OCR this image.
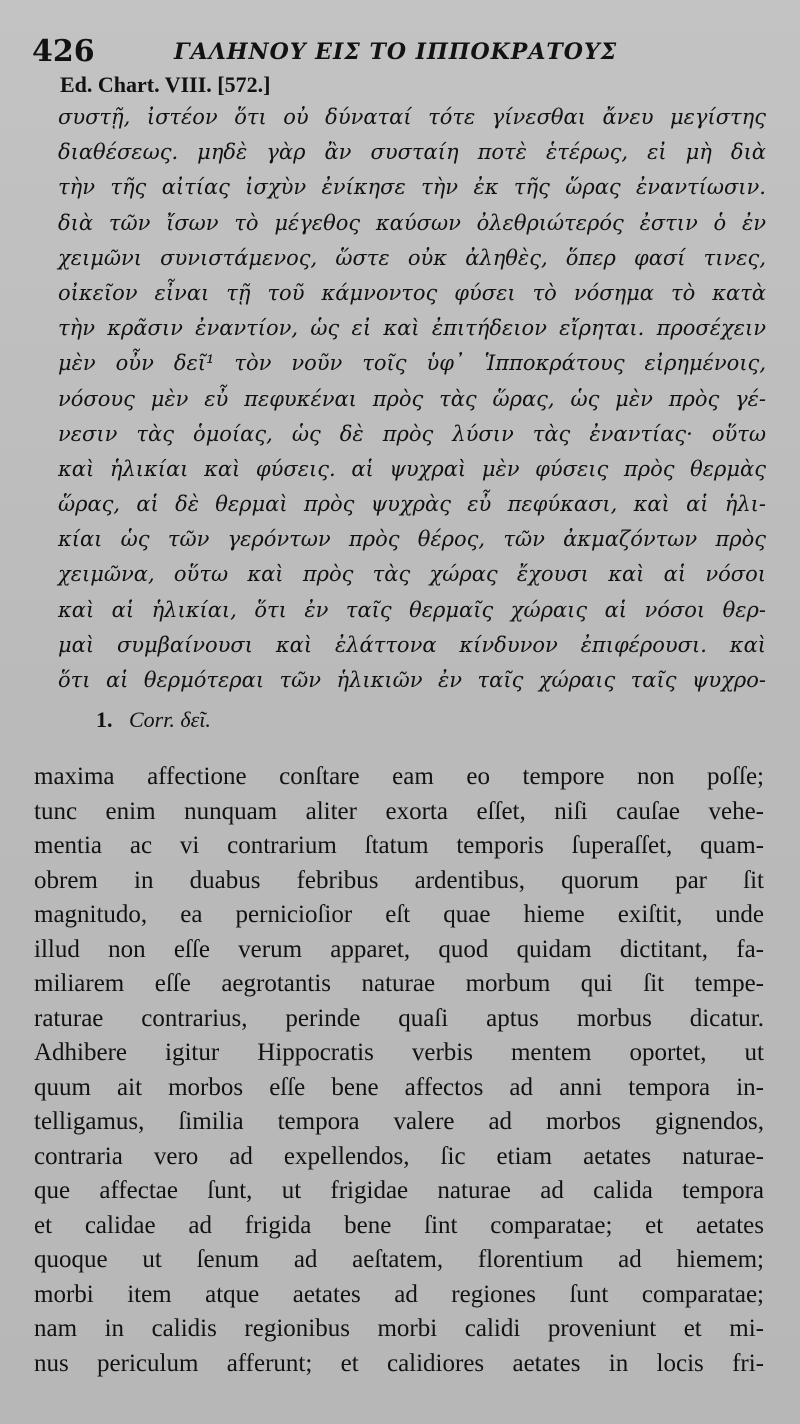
426	ΓΑΛΗΝΟΥ ΕΙΣ ΤΟ ΙΠΠΟΚΡΑΤΟΥΣ
Ed. Chart. VIII. [572.]
συστῇ, ἰστέον ὅτι οὐ δύναταί τότε γίνεσθαι ἄνευ μεγίστης
διαθέσεως. μηδὲ γὰρ ἂν συσταίη ποτὲ ἑτέρως, εἰ μὴ διὰ
τὴν τῆς αἰτίας ἰσχὺν ἐνίκησε τὴν ἐκ τῆς ὥρας ἐναντίωσιν.
διὰ τῶν ἴσων τὸ μέγεθος καύσων ὀλεθριώτερός ἐστιν ὁ ἐν
χειμῶνι συνιστάμενος, ὥστε οὐκ ἀληθὲς, ὅπερ φασί τινες,
οἰκεῖον εἶναι τῇ τοῦ κάμνοντος φύσει τὸ νόσημα τὸ κατὰ
τὴν κρᾶσιν ἐναντίον, ὡς εἰ καὶ ἐπιτήδειον εἴρηται. προσέχειν
μὲν οὖν δεῖ¹ τὸν νοῦν τοῖς ὑφ᾽ Ἱπποκράτους εἰρημένοις,
νόσους μὲν εὖ πεφυκέναι πρὸς τὰς ὥρας, ὡς μὲν πρὸς γέ-
νεσιν τὰς ὁμοίας, ὡς δὲ πρὸς λύσιν τὰς ἐναντίας· οὕτω
καὶ ἡλικίαι καὶ φύσεις. αἱ ψυχραὶ μὲν φύσεις πρὸς θερμὰς
ὥρας, αἱ δὲ θερμαὶ πρὸς ψυχρὰς εὖ πεφύκασι, καὶ αἱ ἡλι-
κίαι ὡς τῶν γερόντων πρὸς θέρος, τῶν ἀκμαζόντων πρὸς
χειμῶνα, οὕτω καὶ πρὸς τὰς χώρας ἔχουσι καὶ αἱ νόσοι
καὶ αἱ ἡλικίαι, ὅτι ἐν ταῖς θερμαῖς χώραις αἱ νόσοι θερ-
μαὶ συμβαίνουσι καὶ ἐλάττονα κίνδυνον ἐπιφέρουσι. καὶ
ὅτι αἱ θερμότεραι τῶν ἡλικιῶν ἐν ταῖς χώραις ταῖς ψυχρο-
1. Corr. δεῖ.
maxima affectione conſtare eam eo tempore non poſſe;
tunc enim nunquam aliter exorta eſſet, niſi cauſae vehe-
mentia ac vi contrarium ſtatum temporis ſuperaſſet, quam-
obrem in duabus febribus ardentibus, quorum par ſit
magnitudo, ea pernicioſior eſt quae hieme exiſtit, unde
illud non eſſe verum apparet, quod quidam dictitant, fa-
miliarem eſſe aegrotantis naturae morbum qui ſit tempe-
raturae contrarius, perinde quaſi aptus morbus dicatur.
Adhibere igitur Hippocratis verbis mentem oportet, ut
quum ait morbos eſſe bene affectos ad anni tempora in-
telligamus, ſimilia tempora valere ad morbos gignendos,
contraria vero ad expellendos, ſic etiam aetates naturae-
que affectae ſunt, ut frigidae naturae ad calida tempora
et calidae ad frigida bene ſint comparatae; et aetates
quoque ut ſenum ad aeſtatem, florentium ad hiemem;
morbi item atque aetates ad regiones ſunt comparatae;
nam in calidis regionibus morbi calidi proveniunt et mi-
nus periculum afferunt; et calidiores aetates in locis fri-
